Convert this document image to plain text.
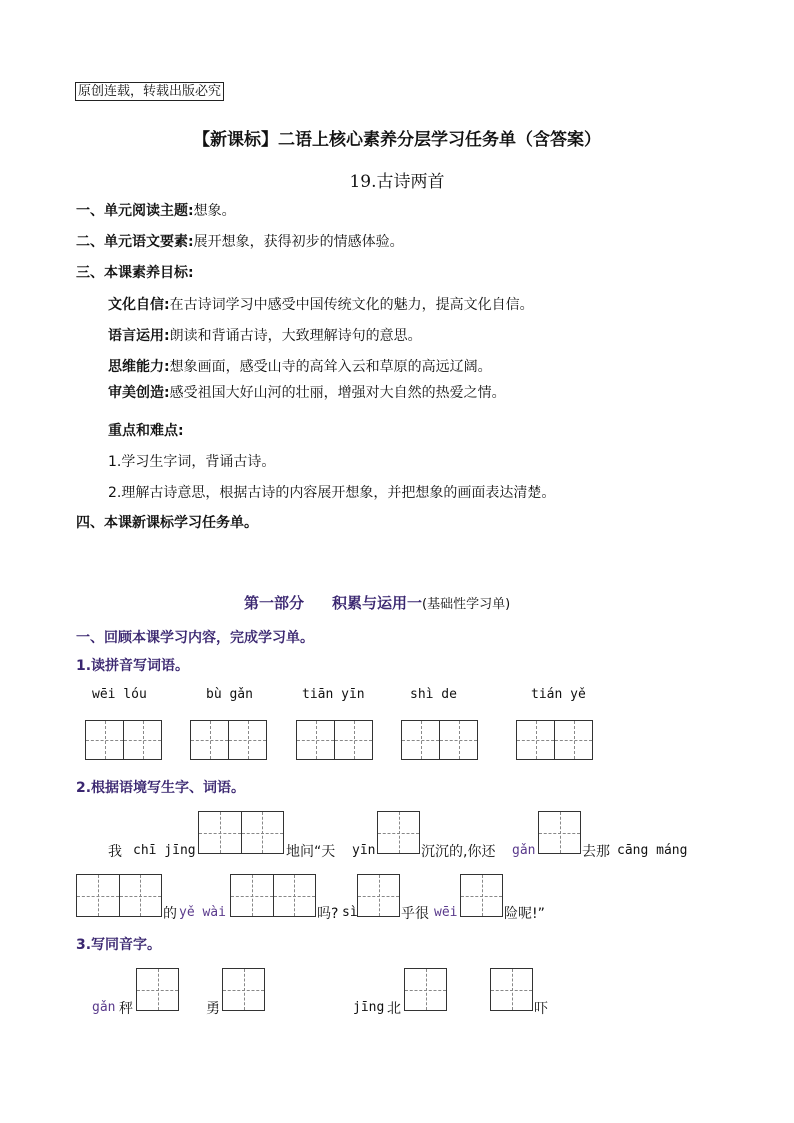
原创连载，转载出版必究
【新课标】二语上核心素养分层学习任务单（含答案）
19.古诗两首
一、单元阅读主题:想象。
二、单元语文要素:展开想象，获得初步的情感体验。
三、本课素养目标:
文化自信:在古诗词学习中感受中国传统文化的魅力，提高文化自信。
语言运用:朗读和背诵古诗，大致理解诗句的意思。
思维能力:想象画面，感受山寺的高耸入云和草原的高远辽阔。
审美创造:感受祖国大好山河的壮丽，增强对大自然的热爱之情。
重点和难点:
1.学习生字词，背诵古诗。
2.理解古诗意思，根据古诗的内容展开想象，并把想象的画面表达清楚。
四、本课新课标学习任务单。
第一部分 积累与运用一(基础性学习单)
一、回顾本课学习内容，完成学习单。
1.读拼音写词语。
wēi lóu	bù gǎn	tiān yīn	shì de	tián yě
2.根据语境写生字、词语。
我 chī jīng	地问“天 yīn	沉沉的,你还 gǎn	去那 cāng máng
的 yě wài	吗? sì	乎很 wēi	险呢!”
3.写同音字。
gǎn 秤	勇	jīng 北	吓
